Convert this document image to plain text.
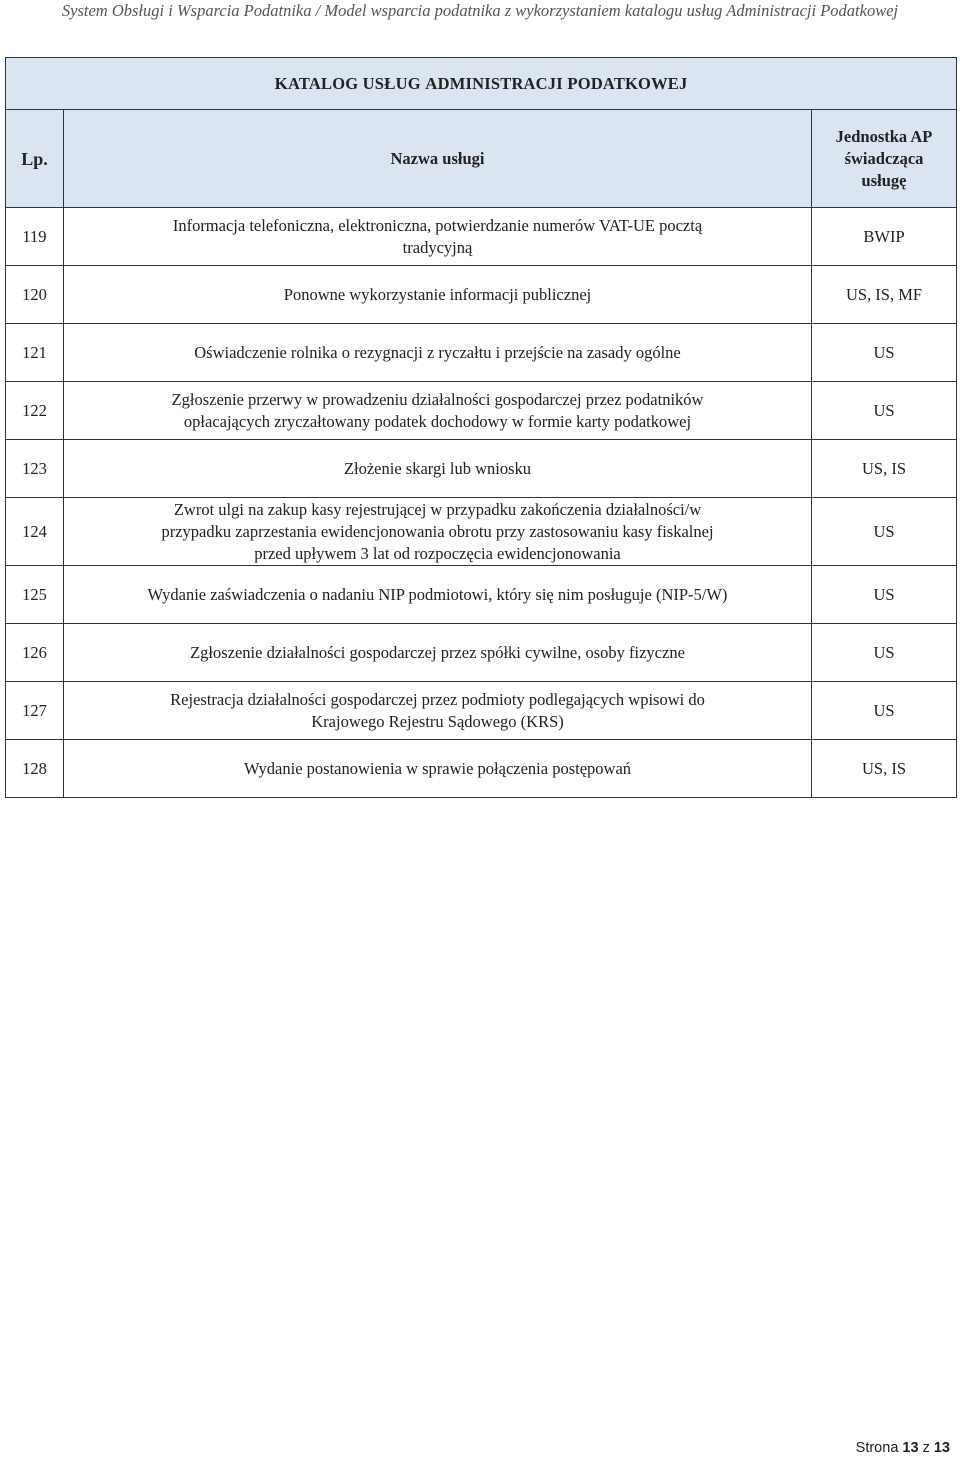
System Obsługi i Wsparcia Podatnika / Model wsparcia podatnika z wykorzystaniem katalogu usług Administracji Podatkowej
KATALOG USŁUG ADMINISTRACJI PODATKOWEJ		
Lp.	Nazwa usługi	Jednostka AP
świadcząca
usługę
119	Informacja telefoniczna, elektroniczna, potwierdzanie numerów VAT-UE pocztą
tradycyjną	BWIP
120	Ponowne wykorzystanie informacji publicznej	US, IS, MF
121	Oświadczenie rolnika o rezygnacji z ryczałtu i przejście na zasady ogólne	US
122	Zgłoszenie przerwy w prowadzeniu działalności gospodarczej przez podatników
opłacających zryczałtowany podatek dochodowy w formie karty podatkowej	US
123	Złożenie skargi lub wniosku	US, IS
124	Zwrot ulgi na zakup kasy rejestrującej w przypadku zakończenia działalności/w
przypadku zaprzestania ewidencjonowania obrotu przy zastosowaniu kasy fiskalnej
przed upływem 3 lat od rozpoczęcia ewidencjonowania	US
125	Wydanie zaświadczenia o nadaniu NIP podmiotowi, który się nim posługuje (NIP-5/W)	US
126	Zgłoszenie działalności gospodarczej przez spółki cywilne, osoby fizyczne	US
127	Rejestracja działalności gospodarczej przez podmioty podlegających wpisowi do
Krajowego Rejestru Sądowego (KRS)	US
128	Wydanie postanowienia w sprawie połączenia postępowań	US, IS
Strona 13 z 13
